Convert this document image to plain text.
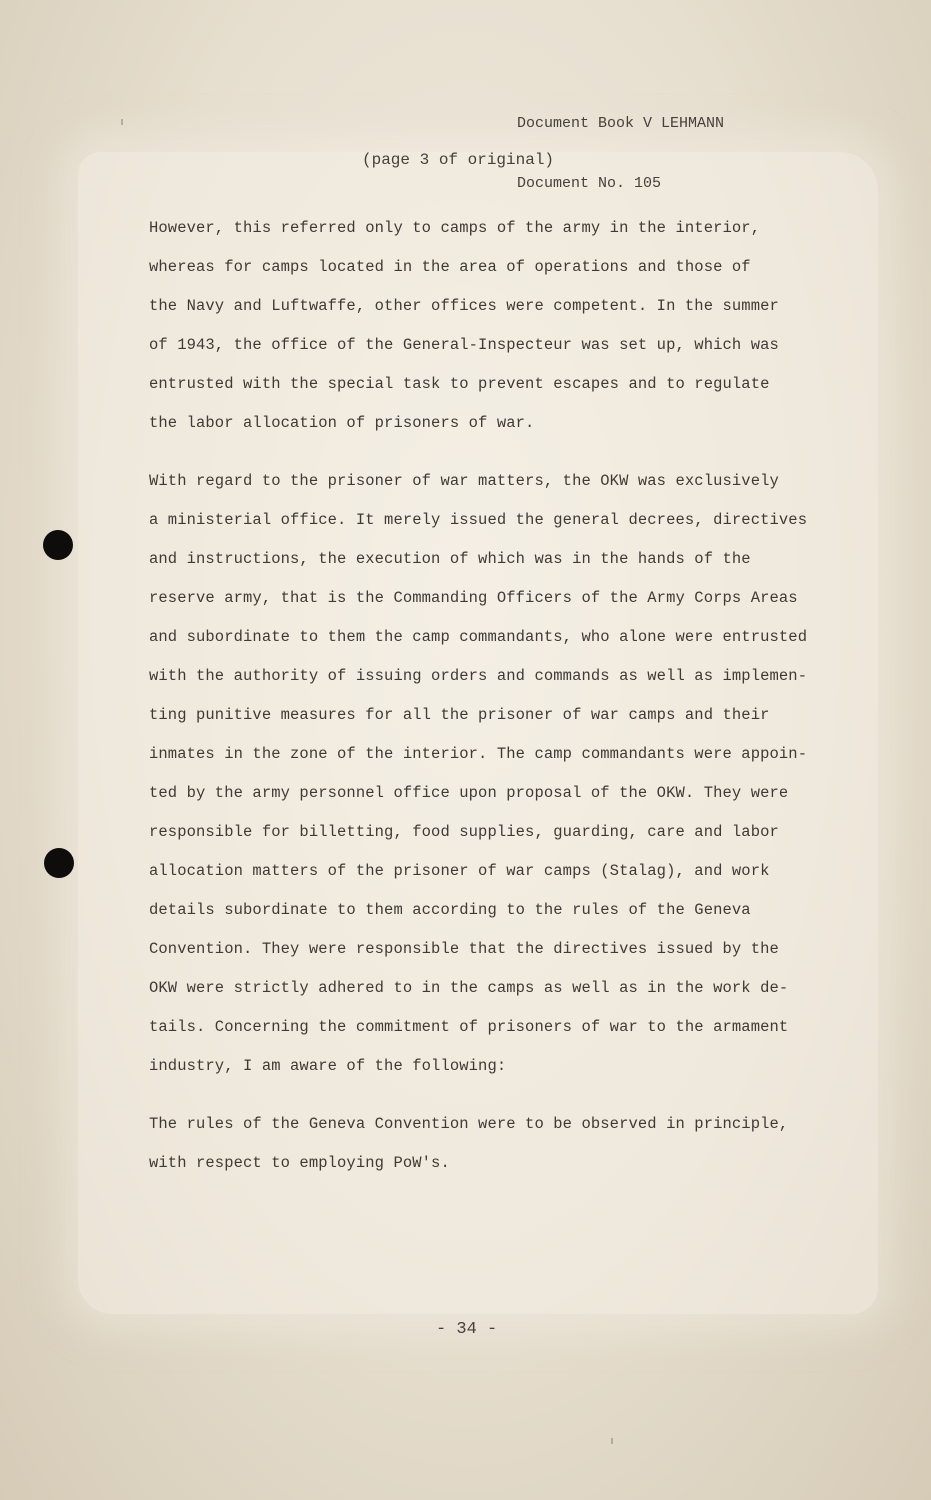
Document Book V LEHMANN

Document No. 105

(page 3 of original)
However, this referred only to camps of the army in the interior,
whereas for camps located in the area of operations and those of
the Navy and Luftwaffe, other offices were competent. In the summer
of 1943, the office of the General-Inspecteur was set up, which was
entrusted with the special task to prevent escapes and to regulate
the labor allocation of prisoners of war.
With regard to the prisoner of war matters, the OKW was exclusively
a ministerial office. It merely issued the general decrees, directives
and instructions, the execution of which was in the hands of the
reserve army, that is the Commanding Officers of the Army Corps Areas
and subordinate to them the camp commandants, who alone were entrusted
with the authority of issuing orders and commands as well as implemen-
ting punitive measures for all the prisoner of war camps and their
inmates in the zone of the interior. The camp commandants were appoin-
ted by the army personnel office upon proposal of the OKW. They were
responsible for billetting, food supplies, guarding, care and labor
allocation matters of the prisoner of war camps (Stalag), and work
details subordinate to them according to the rules of the Geneva
Convention. They were responsible that the directives issued by the
OKW were strictly adhered to in the camps as well as in the work de-
tails. Concerning the commitment of prisoners of war to the armament
industry, I am aware of the following:
The rules of the Geneva Convention were to be observed in principle,
with respect to employing PoW's.
- 34 -
